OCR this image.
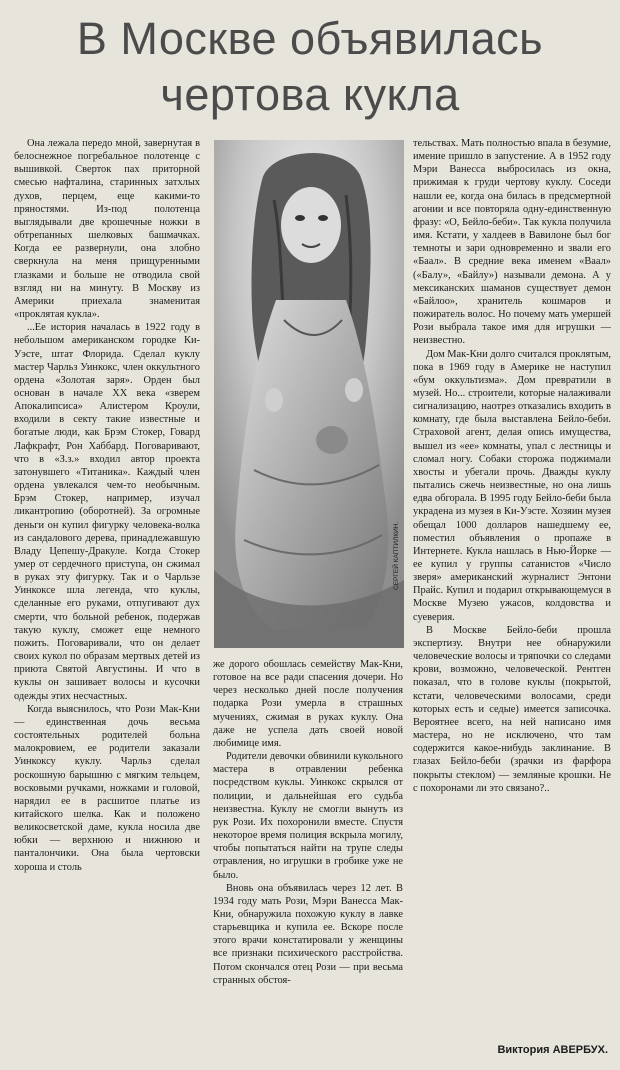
В Москве объявилась
чертова кукла

Она лежала передо мной, завернутая в белоснежное погребальное полотенце с вышивкой. Сверток пах приторной смесью нафталина, старинных затхлых духов, перцем, еще какими-то пряностями. Из-под полотенца выглядывали две крошечные ножки в обтрепанных шелковых башмачках. Когда ее развернули, она злобно сверкнула на меня прищуренными глазками и больше не отводила свой взгляд ни на минуту. В Москву из Америки приехала знаменитая «проклятая кукла».

...Ее история началась в 1922 году в небольшом американском городке Ки-Уэсте, штат Флорида. Сделал куклу мастер Чарльз Уинкокс, член оккультного ордена «Золотая заря». Орден был основан в начале XX века «зверем Апокалипсиса» Алистером Кроули, входили в секту такие известные и богатые люди, как Брэм Стокер, Говард Лафкрафт, Рон Хаббард. Поговаривают, что в «З.з.» входил автор проекта затонувшего «Титаника». Каждый член ордена увлекался чем-то необычным. Брэм Стокер, например, изучал ликантропию (оборотней). За огромные деньги он купил фигурку человека-волка из сандалового дерева, принадлежавшую Владу Цепешу-Дракуле. Когда Стокер умер от сердечного приступа, он сжимал в руках эту фигурку. Так и о Чарльзе Уинкоксе шла легенда, что куклы, сделанные его руками, отпугивают дух смерти, что больной ребенок, подержав такую куклу, сможет еще немного пожить. Поговаривали, что он делает своих кукол по образам мертвых детей из приюта Святой Августины. И что в куклы он зашивает волосы и кусочки одежды этих несчастных.

Когда выяснилось, что Рози Мак-Кни — единственная дочь весьма состоятельных родителей больна малокровием, ее родители заказали Уинкоксу куклу. Чарльз сделал роскошную барышню с мягким тельцем, восковыми ручками, ножками и головой, нарядил ее в расшитое платье из китайского шелка. Как и положено великосветской даме, кукла носила две юбки — верхнюю и нижнюю и панталончики. Она была чертовски хороша и столь

СЕРГЕЙ КАПТИЛКИН.

же дорого обошлась семейству Мак-Кни, готовое на все ради спасения дочери. Но через несколько дней после получения подарка Рози умерла в страшных мучениях, сжимая в руках куклу. Она даже не успела дать своей новой любимице имя.

Родители девочки обвинили кукольного мастера в отравлении ребенка посредством куклы. Уинкокс скрылся от полиции, и дальнейшая его судьба неизвестна. Куклу не смогли вынуть из рук Рози. Их похоронили вместе. Спустя некоторое время полиция вскрыла могилу, чтобы попытаться найти на трупе следы отравления, но игрушки в гробике уже не было.

Вновь она объявилась через 12 лет. В 1934 году мать Рози, Мэри Ванесса Мак-Кни, обнаружила похожую куклу в лавке старьевщика и купила ее. Вскоре после этого врачи констатировали у женщины все признаки психического расстройства. Потом скончался отец Рози — при весьма странных обстоя-

тельствах. Мать полностью впала в безумие, имение пришло в запустение. А в 1952 году Мэри Ванесса выбросилась из окна, прижимая к груди чертову куклу. Соседи нашли ее, когда она билась в предсмертной агонии и все повторяла одну-единственную фразу: «О, Бейло-беби». Так кукла получила имя. Кстати, у халдеев в Вавилоне был бог темноты и зари одновременно и звали его «Баал». В средние века именем «Ваал» («Балу», «Байлу») называли демона. А у мексиканских шаманов существует демон «Байлоо», хранитель кошмаров и пожиратель волос. Но почему мать умершей Рози выбрала такое имя для игрушки — неизвестно.

Дом Мак-Кни долго считался проклятым, пока в 1969 году в Америке не наступил «бум оккультизма». Дом превратили в музей. Но... строители, которые налаживали сигнализацию, наотрез отказались входить в комнату, где была выставлена Бейло-беби. Страховой агент, делая опись имущества, вышел из «ее» комнаты, упал с лестницы и сломал ногу. Собаки сторожа поджимали хвосты и убегали прочь. Дважды куклу пытались сжечь неизвестные, но она лишь едва обгорала. В 1995 году Бейло-беби была украдена из музея в Ки-Уэсте. Хозяин музея обещал 1000 долларов нашедшему ее, поместил объявления о пропаже в Интернете. Кукла нашлась в Нью-Йорке — ее купил у группы сатанистов «Число зверя» американский журналист Энтони Прайс. Купил и подарил открывающемуся в Москве Музею ужасов, колдовства и суеверия.

В Москве Бейло-беби прошла экспертизу. Внутри нее обнаружили человеческие волосы и тряпочки со следами крови, возможно, человеческой. Рентген показал, что в голове куклы (покрытой, кстати, человеческими волосами, среди которых есть и седые) имеется записочка. Вероятнее всего, на ней написано имя мастера, но не исключено, что там содержится какое-нибудь заклинание. В глазах Бейло-беби (зрачки из фарфора покрыты стеклом) — земляные крошки. Не с похоронами ли это связано?..

Виктория АВЕРБУХ.
